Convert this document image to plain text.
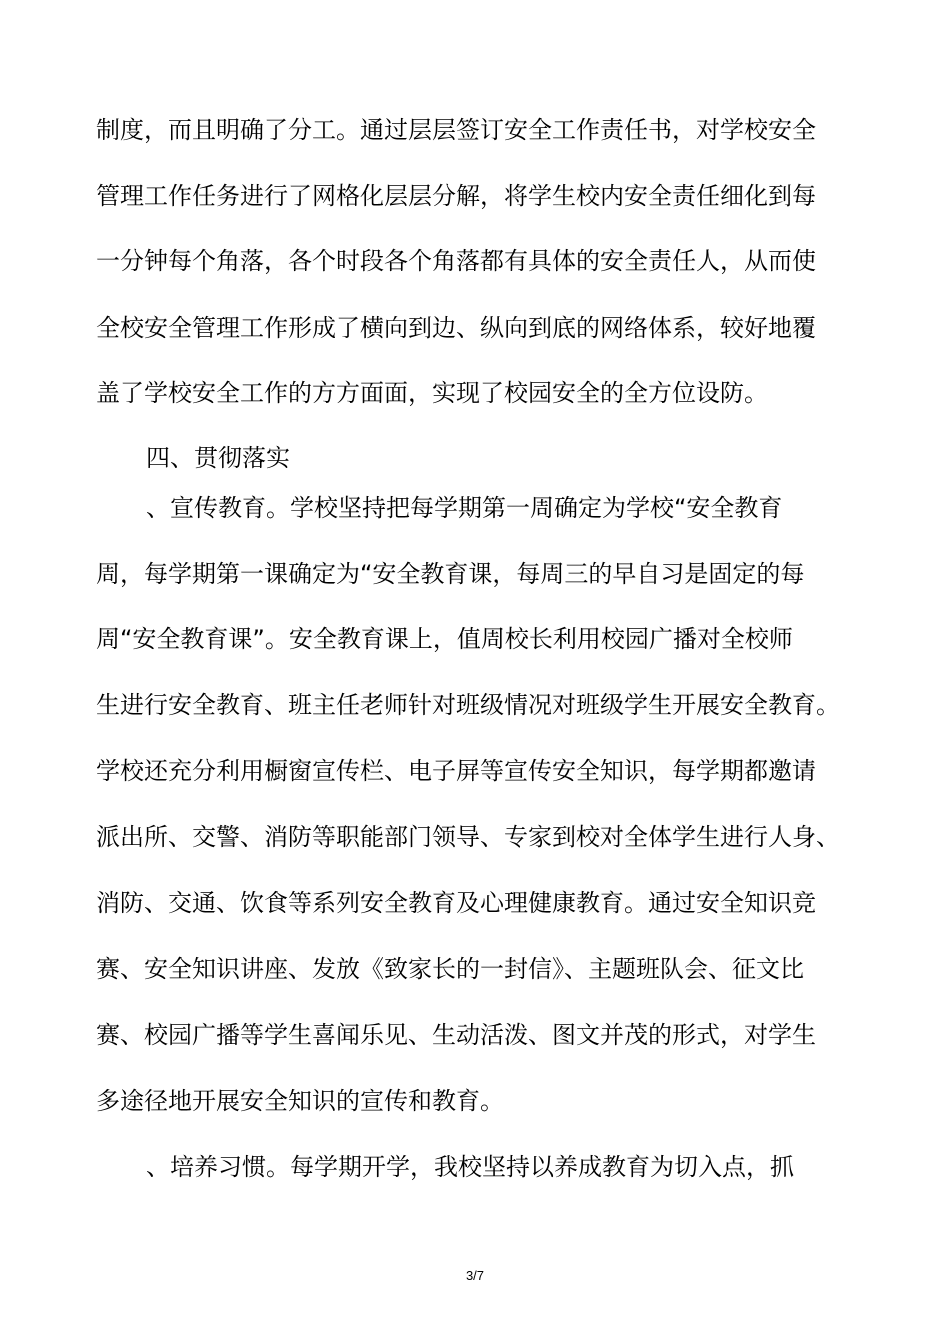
制度，而且明确了分工。通过层层签订安全工作责任书，对学校安全
管理工作任务进行了网格化层层分解，将学生校内安全责任细化到每
一分钟每个角落，各个时段各个角落都有具体的安全责任人，从而使
全校安全管理工作形成了横向到边、纵向到底的网络体系，较好地覆
盖了学校安全工作的方方面面，实现了校园安全的全方位设防。
四、贯彻落实
、宣传教育。学校坚持把每学期第一周确定为学校“安全教育
周，每学期第一课确定为“安全教育课，每周三的早自习是固定的每
周“安全教育课”。安全教育课上，值周校长利用校园广播对全校师
生进行安全教育、班主任老师针对班级情况对班级学生开展安全教育。
学校还充分利用橱窗宣传栏、电子屏等宣传安全知识，每学期都邀请
派出所、交警、消防等职能部门领导、专家到校对全体学生进行人身、
消防、交通、饮食等系列安全教育及心理健康教育。通过安全知识竞
赛、安全知识讲座、发放《致家长的一封信》、主题班队会、征文比
赛、校园广播等学生喜闻乐见、生动活泼、图文并茂的形式，对学生
多途径地开展安全知识的宣传和教育。
、培养习惯。每学期开学，我校坚持以养成教育为切入点，抓
3/7
